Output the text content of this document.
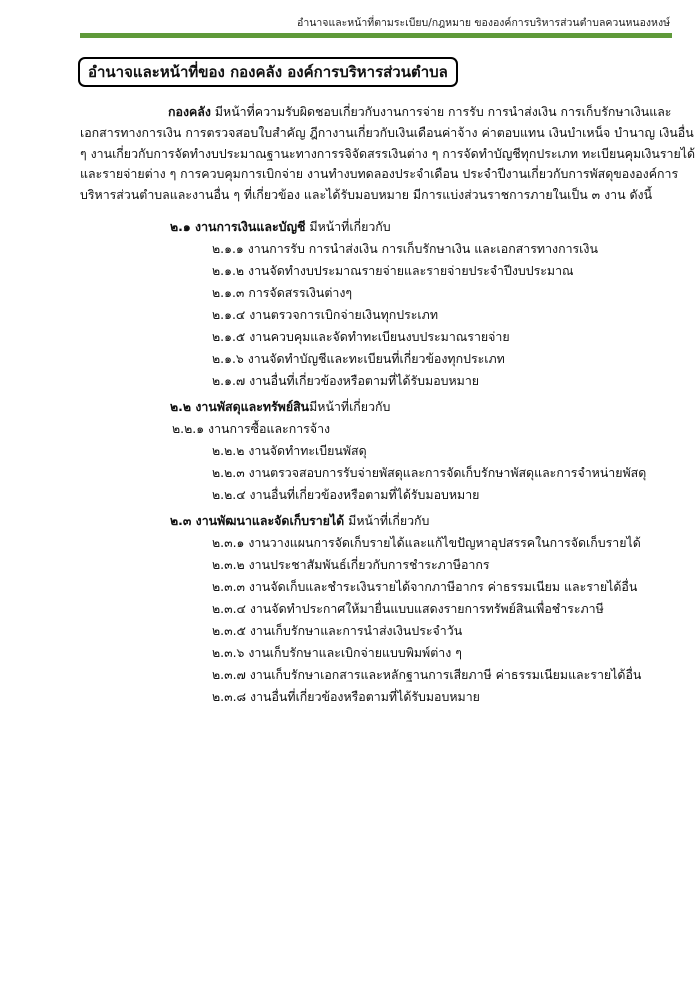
อำนาจและหน้าที่ตามระเบียบ/กฎหมาย ขององค์การบริหารส่วนตำบลควนหนองหงษ์
อำนาจและหน้าที่ของ กองคลัง องค์การบริหารส่วนตำบล
กองคลัง มีหน้าที่ความรับผิดชอบเกี่ยวกับงานการจ่าย การรับ การนำส่งเงิน การเก็บรักษาเงินและ
เอกสารทางการเงิน การตรวจสอบใบสำคัญ ฎีกางานเกี่ยวกับเงินเดือนค่าจ้าง ค่าตอบแทน เงินบำเหน็จ บำนาญ เงินอื่น
ๆ งานเกี่ยวกับการจัดทำงบประมาณฐานะทางการรจิจัดสรรเงินต่าง ๆ การจัดทำบัญชีทุกประเภท ทะเบียนคุมเงินรายได้
และรายจ่ายต่าง ๆ การควบคุมการเบิกจ่าย งานทำงบทดลองประจำเดือน ประจำปีงานเกี่ยวกับการพัสดุขององค์การ
บริหารส่วนตำบลและงานอื่น ๆ ที่เกี่ยวข้อง และได้รับมอบหมาย มีการแบ่งส่วนราชการภายในเป็น ๓ งาน ดังนี้
๒.๑ งานการเงินและบัญชี มีหน้าที่เกี่ยวกับ
๒.๑.๑ งานการรับ การนำส่งเงิน การเก็บรักษาเงิน และเอกสารทางการเงิน
๒.๑.๒ งานจัดทำงบประมาณรายจ่ายและรายจ่ายประจำปีงบประมาณ
๒.๑.๓ การจัดสรรเงินต่างๆ
๒.๑.๔ งานตรวจการเบิกจ่ายเงินทุกประเภท
๒.๑.๕ งานควบคุมและจัดทำทะเบียนงบประมาณรายจ่าย
๒.๑.๖ งานจัดทำบัญชีและทะเบียนที่เกี่ยวข้องทุกประเภท
๒.๑.๗ งานอื่นที่เกี่ยวข้องหรือตามที่ได้รับมอบหมาย
๒.๒ งานพัสดุและทรัพย์สินมีหน้าที่เกี่ยวกับ
๒.๒.๑ งานการซื้อและการจ้าง
๒.๒.๒ งานจัดทำทะเบียนพัสดุ
๒.๒.๓ งานตรวจสอบการรับจ่ายพัสดุและการจัดเก็บรักษาพัสดุและการจำหน่ายพัสดุ
๒.๒.๔ งานอื่นที่เกี่ยวข้องหรือตามที่ได้รับมอบหมาย
๒.๓ งานพัฒนาและจัดเก็บรายได้ มีหน้าที่เกี่ยวกับ
๒.๓.๑ งานวางแผนการจัดเก็บรายได้และแก้ไขปัญหาอุปสรรคในการจัดเก็บรายได้
๒.๓.๒ งานประชาสัมพันธ์เกี่ยวกับการชำระภาษีอากร
๒.๓.๓ งานจัดเก็บและชำระเงินรายได้จากภาษีอากร ค่าธรรมเนียม และรายได้อื่น
๒.๓.๔ งานจัดทำประกาศให้มายื่นแบบแสดงรายการทรัพย์สินเพื่อชำระภาษี
๒.๓.๕ งานเก็บรักษาและการนำส่งเงินประจำวัน
๒.๓.๖ งานเก็บรักษาและเบิกจ่ายแบบพิมพ์ต่าง ๆ
๒.๓.๗ งานเก็บรักษาเอกสารและหลักฐานการเสียภาษี ค่าธรรมเนียมและรายได้อื่น
๒.๓.๘ งานอื่นที่เกี่ยวข้องหรือตามที่ได้รับมอบหมาย
